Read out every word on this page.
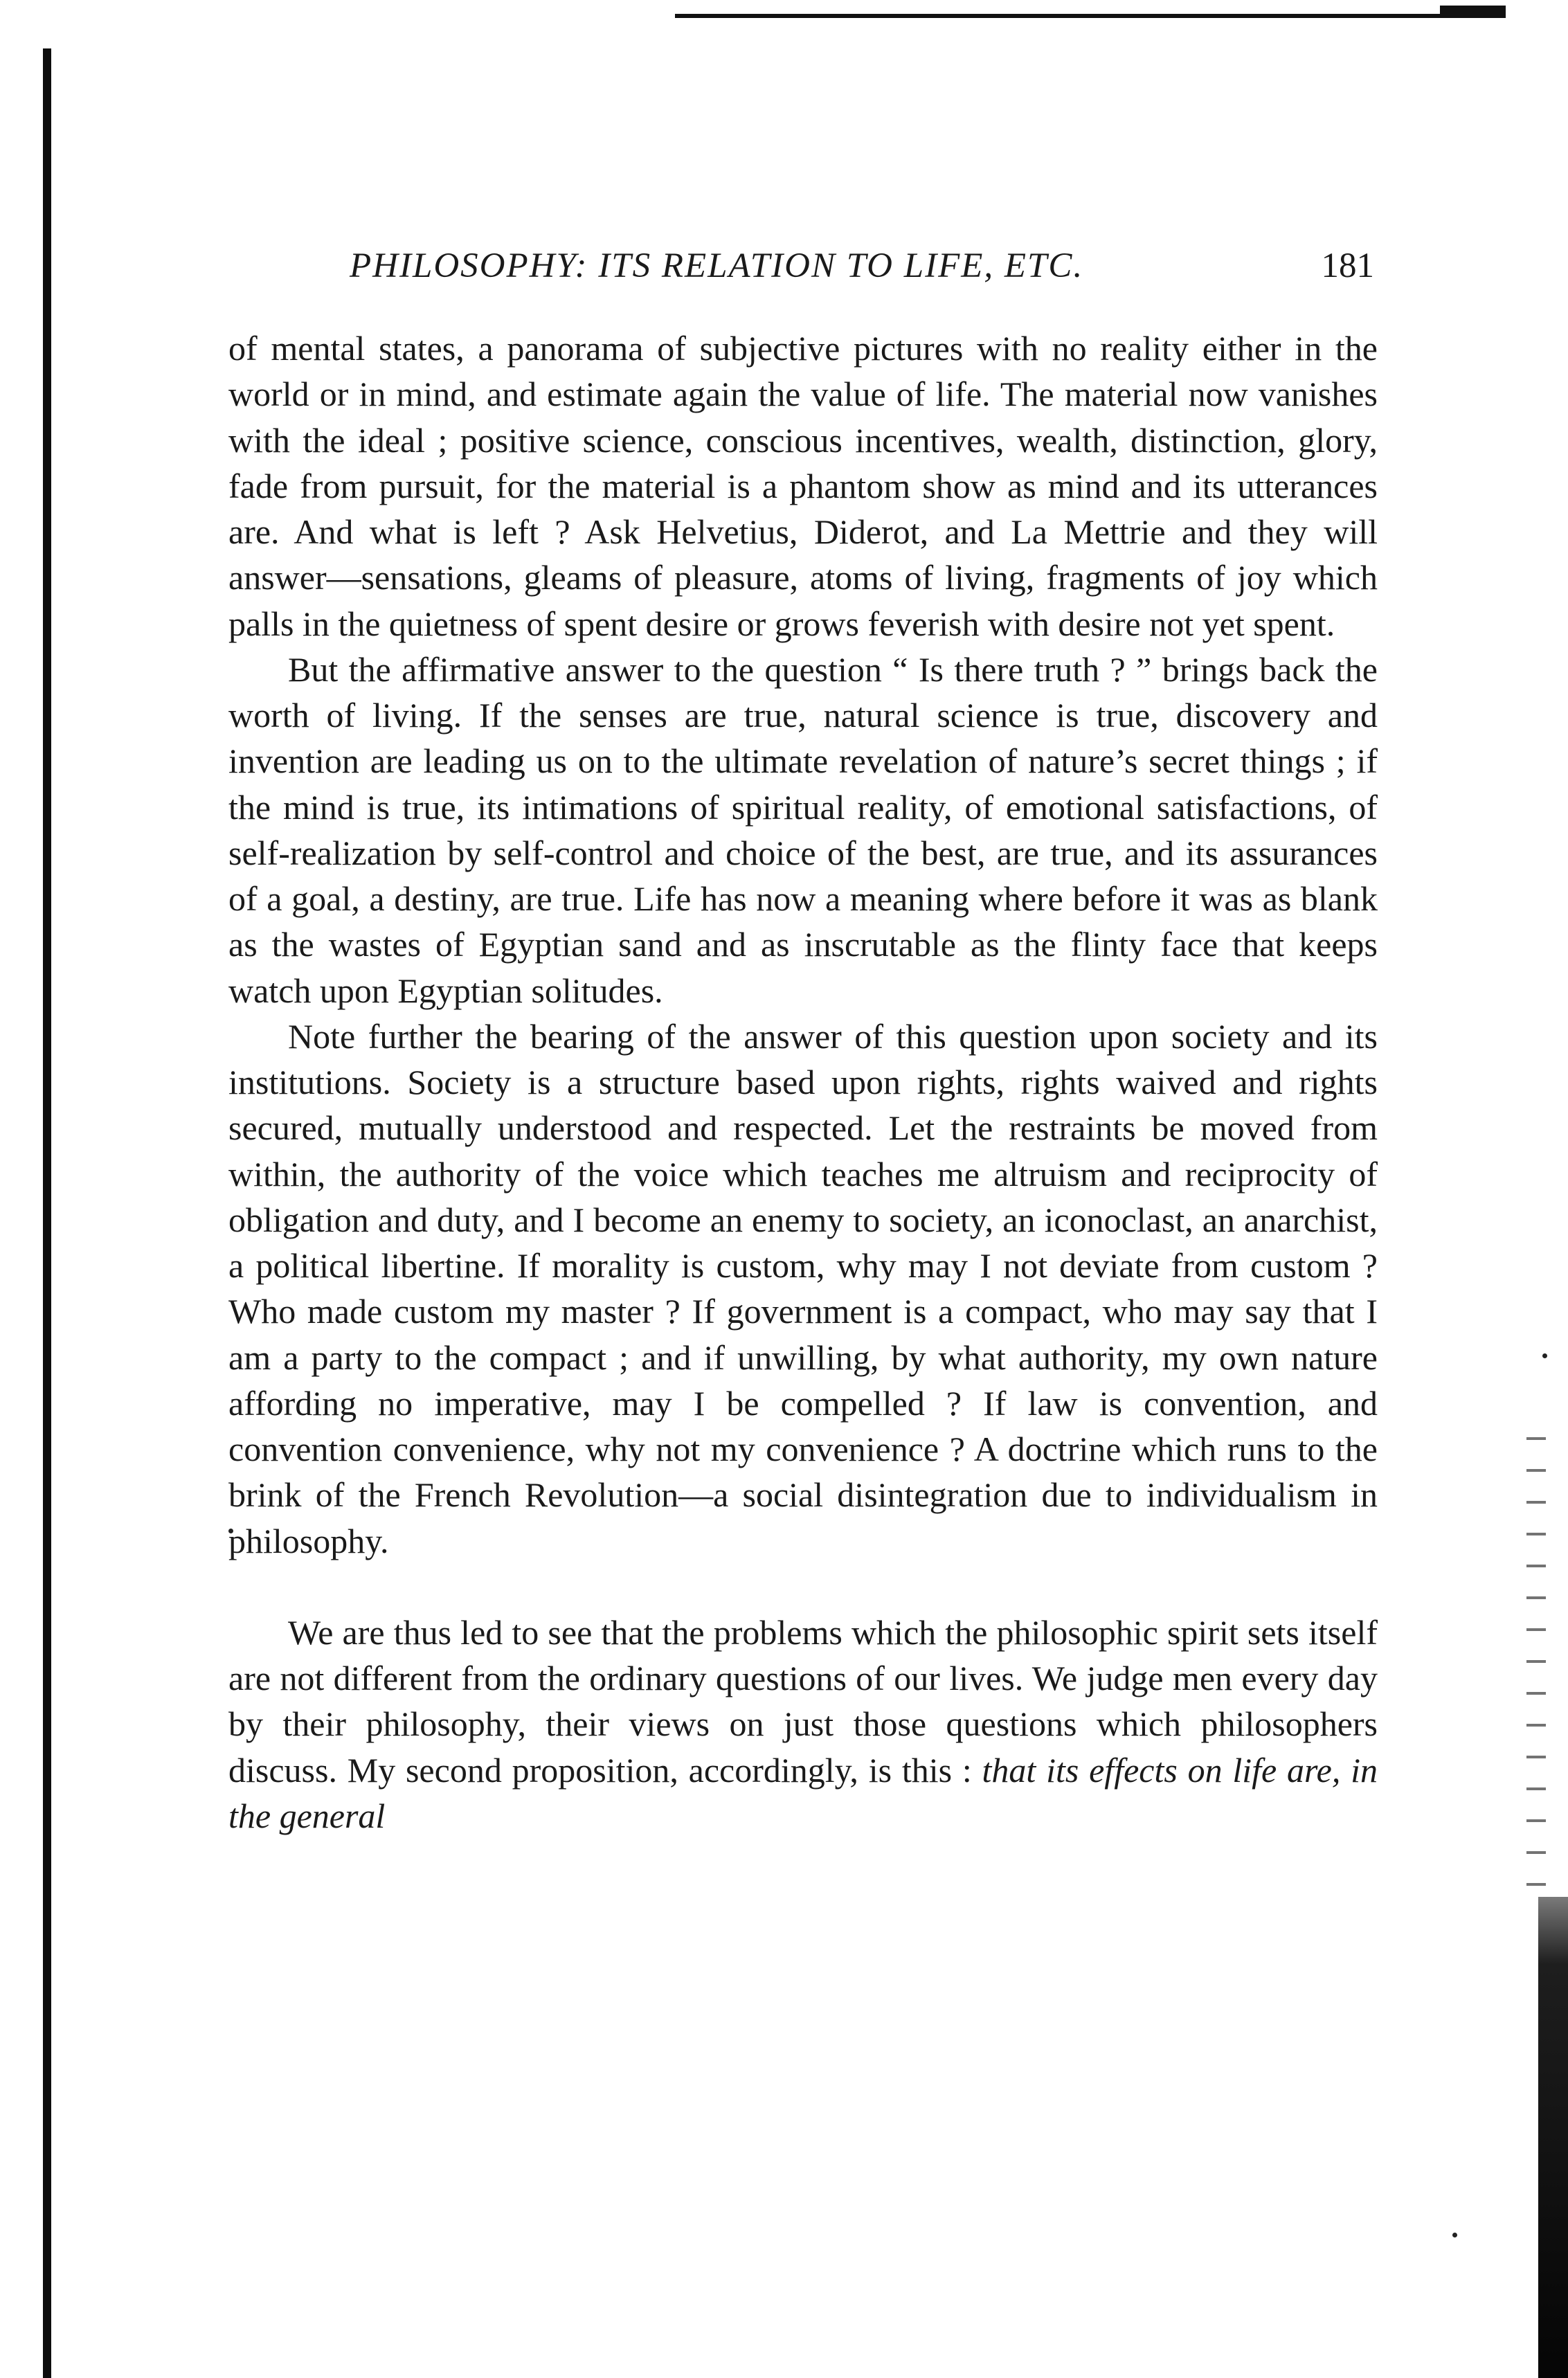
PHILOSOPHY: ITS RELATION TO LIFE, ETC.	181

of mental states, a panorama of subjective pictures with no reality either in the world or in mind, and estimate again the value of life. The material now vanishes with the ideal ; positive science, conscious incentives, wealth, distinction, glory, fade from pursuit, for the material is a phantom show as mind and its utterances are. And what is left ? Ask Helvetius, Diderot, and La Mettrie and they will answer—sensations, gleams of pleasure, atoms of living, fragments of joy which palls in the quietness of spent desire or grows feverish with desire not yet spent.

But the affirmative answer to the question “ Is there truth ? ” brings back the worth of living. If the senses are true, natural science is true, discovery and invention are leading us on to the ultimate revelation of nature’s secret things ; if the mind is true, its intimations of spiritual reality, of emotional satisfactions, of self-realization by self-control and choice of the best, are true, and its assurances of a goal, a destiny, are true. Life has now a meaning where before it was as blank as the wastes of Egyptian sand and as inscrutable as the flinty face that keeps watch upon Egyptian solitudes.

Note further the bearing of the answer of this question upon society and its institutions. Society is a structure based upon rights, rights waived and rights secured, mutually understood and respected. Let the restraints be moved from within, the authority of the voice which teaches me altruism and reciprocity of obligation and duty, and I become an enemy to society, an iconoclast, an anarchist, a political libertine. If morality is custom, why may I not deviate from custom ? Who made custom my master ? If government is a compact, who may say that I am a party to the compact ; and if unwilling, by what authority, my own nature affording no imperative, may I be compelled ? If law is convention, and convention convenience, why not my convenience ? A doctrine which runs to the brink of the French Revolution—a social disintegration due to individualism in philosophy.

We are thus led to see that the problems which the philosophic spirit sets itself are not different from the ordinary questions of our lives. We judge men every day by their philosophy, their views on just those questions which philosophers discuss. My second proposition, accordingly, is this : that its effects on life are, in the general
